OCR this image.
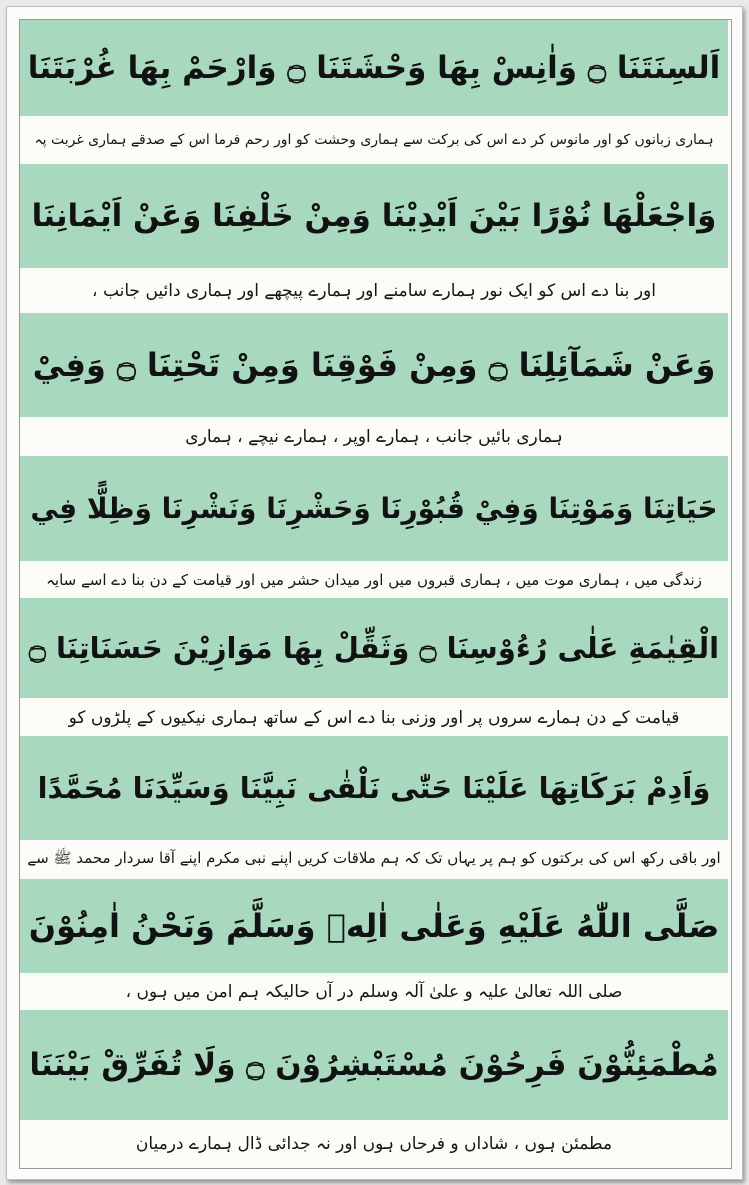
اَلسِنَتَنَا ۝ وَاٰنِسْ بِهَا وَحْشَتَنَا ۝ وَارْحَمْ بِهَا غُرْبَتَنَا
ہماری زبانوں کو اور مانوس کر دے اس کی برکت سے ہماری وحشت کو اور رحم فرما اس کے صدقے ہماری غربت پہ
وَاجْعَلْهَا نُوْرًا بَيْنَ اَيْدِيْنَا وَمِنْ خَلْفِنَا وَعَنْ اَيْمَانِنَا
اور بنا دے اس کو ایک نور ہمارے سامنے اور ہمارے پیچھے اور ہماری دائیں جانب ،
وَعَنْ شَمَآئِلِنَا ۝ وَمِنْ فَوْقِنَا وَمِنْ تَحْتِنَا ۝ وَفِيْ
ہماری بائیں جانب ، ہمارے اوپر ، ہمارے نیچے ، ہماری
حَيَاتِنَا وَمَوْتِنَا وَفِيْ قُبُوْرِنَا وَحَشْرِنَا وَنَشْرِنَا وَظِلًّا فِي
زندگی میں ، ہماری موت میں ، ہماری قبروں میں اور میدان حشر میں اور قیامت کے دن بنا دے اسے سایہ
الْقِيٰمَةِ عَلٰى رُءُوْسِنَا ۝ وَثَقِّلْ بِهَا مَوَازِيْنَ حَسَنَاتِنَا ۝
قیامت کے دن ہمارے سروں پر اور وزنی بنا دے اس کے ساتھ ہماری نیکیوں کے پلڑوں کو
وَاَدِمْ بَرَكَاتِهَا عَلَيْنَا حَتّٰى نَلْقٰى نَبِيَّنَا وَسَيِّدَنَا مُحَمَّدًا
اور باقی رکھ اس کی برکتوں کو ہم پر یہاں تک کہ ہم ملاقات کریں اپنے نبی مکرم اپنے آقا سردار محمد ﷺ سے
صَلَّى اللّٰهُ عَلَيْهِ وَعَلٰى اٰلِهٖ وَسَلَّمَ وَنَحْنُ اٰمِنُوْنَ
صلی اللہ تعالیٰ علیہ و علیٰ آلہ وسلم در آں حالیکہ ہم امن میں ہوں ،
مُطْمَئِنُّوْنَ فَرِحُوْنَ مُسْتَبْشِرُوْنَ ۝ وَلَا تُفَرِّقْ بَيْنَنَا
مطمئن ہوں ، شاداں و فرحاں ہوں اور نہ جدائی ڈال ہمارے درمیان
